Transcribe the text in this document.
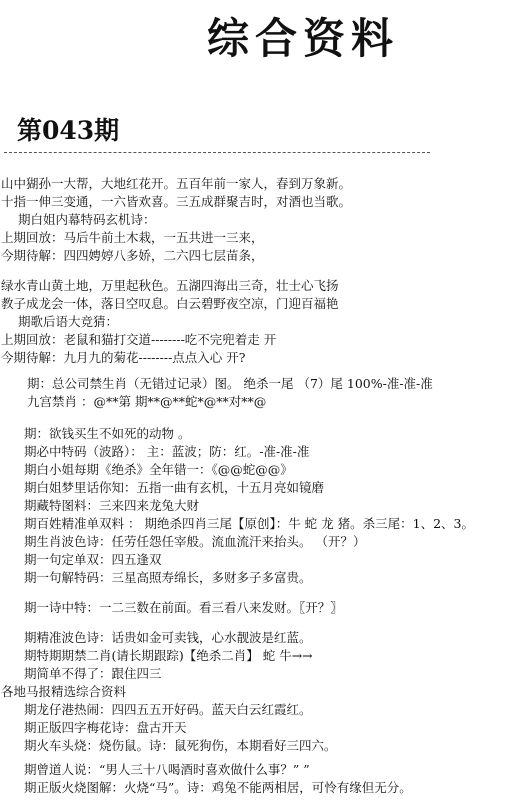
综合资料
第043期
山中猢孙一大帮，大地红花开。五百年前一家人，春到万象新。
十指一伸三变通，一六皆欢喜。三五成群聚吉时，对酒也当歌。
期白姐内幕特码玄机诗：
上期回放：马后牛前土木栽，一五共进一三来，
今期待解：四四娉婷八多娇，二六四七层苗条，
绿水青山黄土地，万里起秋色。五湖四海出三奇，壮士心飞扬
教子成龙会一体，落日空叹息。白云碧野夜空凉，门迎百福艳
期歌后语大竞猜：
上期回放：老鼠和猫打交道--------吃不完兜着走 开
今期待解：九月九的菊花--------点点入心 开?
期：总公司禁生肖（无错过记录）图。 绝杀一尾 （7）尾 100%-准-准-准
九宫禁肖 ：@**第 期**@**蛇*@**对**@
期：欲钱买生不如死的动物 。
期必中特码（波路）： 主：蓝波；防：红。-准-准-准
期白小姐每期《绝杀》全年错一：《@@蛇@@》
期白姐梦里话你知：五指一曲有玄机，十五月亮如镜磨
期藏特图料：三来四来龙兔大财
期百姓精准单双料 ： 期绝杀四肖三尾【原创】：牛 蛇 龙 猪。杀三尾：1、2、3。
期生肖波色诗：任劳任怨任宰般。流血流汗来抬头。 （开？）
期一句定单双：四五逢双
期一句解特码：三星高照寿绵长，多财多子多富贵。
期一诗中特：一二三数在前面。看三看八来发财。〖开？〗
期精准波色诗：话贵如金可卖钱，心水靓波是红蓝。
期特期期禁二肖(请长期跟踪)【绝杀二肖】 蛇 牛→→
期简单不得了：跟住四三
各地马报精选综合资料
期龙仔港热闹：四四五五开好码。蓝天白云红霞红。
期正版四字梅花诗：盘古开天
期火车头烧：烧伤鼠。诗：鼠死狗伤，本期看好三四六。
期曾道人说：“男人三十八喝酒时喜欢做什么事？” ”
期正版火烧图解：火烧“马”。诗：鸡兔不能两相居，可怜有缘但无分。
